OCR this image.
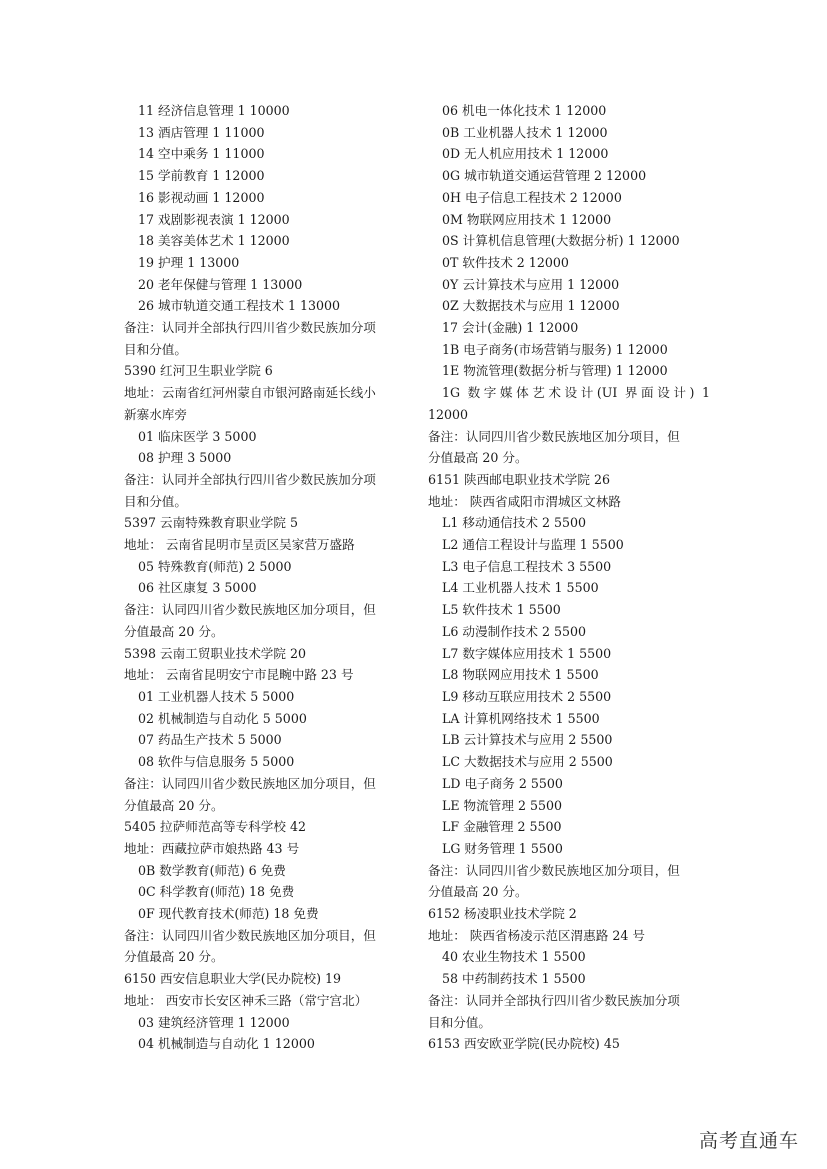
11 经济信息管理 1 10000
13 酒店管理 1 11000
14 空中乘务 1 11000
15 学前教育 1 12000
16 影视动画 1 12000
17 戏剧影视表演 1 12000
18 美容美体艺术 1 12000
19 护理 1 13000
20 老年保健与管理 1 13000
26 城市轨道交通工程技术 1 13000
备注：认同并全部执行四川省少数民族加分项
目和分值。
5390 红河卫生职业学院 6
地址：云南省红河州蒙自市银河路南延长线小
新寨水库旁
01 临床医学 3 5000
08 护理 3 5000
备注：认同并全部执行四川省少数民族加分项
目和分值。
5397 云南特殊教育职业学院 5
地址： 云南省昆明市呈贡区吴家营万盛路
05 特殊教育(师范) 2 5000
06 社区康复 3 5000
备注：认同四川省少数民族地区加分项目，但
分值最高 20 分。
5398 云南工贸职业技术学院 20
地址： 云南省昆明安宁市昆畹中路 23 号
01 工业机器人技术 5 5000
02 机械制造与自动化 5 5000
07 药品生产技术 5 5000
08 软件与信息服务 5 5000
备注：认同四川省少数民族地区加分项目，但
分值最高 20 分。
5405 拉萨师范高等专科学校 42
地址：西藏拉萨市娘热路 43 号
0B 数学教育(师范) 6 免费
0C 科学教育(师范) 18 免费
0F 现代教育技术(师范) 18 免费
备注：认同四川省少数民族地区加分项目，但
分值最高 20 分。
6150 西安信息职业大学(民办院校) 19
地址： 西安市长安区神禾三路（常宁宫北）
03 建筑经济管理 1 12000
04 机械制造与自动化 1 12000
06 机电一体化技术 1 12000
0B 工业机器人技术 1 12000
0D 无人机应用技术 1 12000
0G 城市轨道交通运营管理 2 12000
0H 电子信息工程技术 2 12000
0M 物联网应用技术 1 12000
0S 计算机信息管理(大数据分析) 1 12000
0T 软件技术 2 12000
0Y 云计算技术与应用 1 12000
0Z 大数据技术与应用 1 12000
17 会计(金融) 1 12000
1B 电子商务(市场营销与服务) 1 12000
1E 物流管理(数据分析与管理) 1 12000
1G 数字媒体艺术设计(UI 界面设计) 1
12000
备注：认同四川省少数民族地区加分项目，但
分值最高 20 分。
6151 陕西邮电职业技术学院 26
地址： 陕西省咸阳市渭城区文林路
L1 移动通信技术 2 5500
L2 通信工程设计与监理 1 5500
L3 电子信息工程技术 3 5500
L4 工业机器人技术 1 5500
L5 软件技术 1 5500
L6 动漫制作技术 2 5500
L7 数字媒体应用技术 1 5500
L8 物联网应用技术 1 5500
L9 移动互联应用技术 2 5500
LA 计算机网络技术 1 5500
LB 云计算技术与应用 2 5500
LC 大数据技术与应用 2 5500
LD 电子商务 2 5500
LE 物流管理 2 5500
LF 金融管理 2 5500
LG 财务管理 1 5500
备注：认同四川省少数民族地区加分项目，但
分值最高 20 分。
6152 杨凌职业技术学院 2
地址： 陕西省杨凌示范区渭惠路 24 号
40 农业生物技术 1 5500
58 中药制药技术 1 5500
备注：认同并全部执行四川省少数民族加分项
目和分值。
6153 西安欧亚学院(民办院校) 45
高考直通车
